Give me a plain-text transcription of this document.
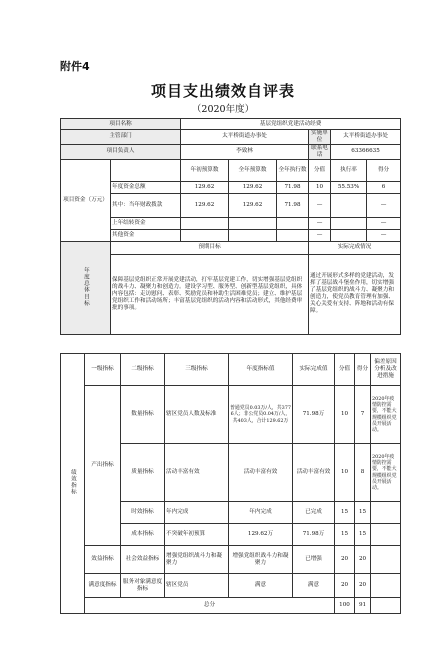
附件4
项目支出绩效自评表
（2020年度）
项目名称		基层党组织党建活动经费					
主管部门		太平桥街道办事处			实施单位	太平桥街道办事处	
项目负责人		李致林			联系电话	63366635	
项目资金（万元）		年初预算数	全年预算数	全年执行数	分值	执行率	得分
	年度资金总额	129.62	129.62	71.98	10	55.53%	6
	其中：当年财政拨款	129.62	129.62	71.98	—		—
	上年结转资金				—		—
	其他资金				—		—
年度总体目标	预期目标				实际完成情况		
	保障基层党组织正常开展党建活动，打牢基层党建工作，切实增强基层党组织的战斗力、凝聚力和创造力。建设学习型、服务型、创新型基层党组织，具体内容包括：走访慰问、表彰、奖励党员和补助生活困难党员；建立、维护基层党组织工作和活动场所；丰富基层党组织的活动内容和活动形式，其他经费审批的事项。				通过开展形式多样的党建活动，发挥了基层战斗堡垒作用，切实增强了基层党组织的战斗力、凝聚力和创造力，使党员教育管理有加强、关心关爱有支持、阵地和活动有保障。		
绩效指标	一级指标	二级指标	三级指标	年度指标值	实际完成值	分值	得分	偏差原因分析及改进措施
	产出指标	数量指标	辖区党员人数及标准	普通党员0.03万/人，共3776人；非公党员0.04万/人，共403人，合计129.62万	71.98万	10	7	2020年疫情防控需要，不能大规模组织党员开展活动。
		质量指标	活动丰富有效	活动丰富有效	活动丰富有效	10	8	2020年疫情防控需要，不能大规模组织党员开展活动。
		时效指标	年内完成	年内完成	已完成	15	15	
		成本指标	不突破年初预算	129.62万	71.98万	15	15	
	效益指标	社会效益指标	增强党组织战斗力和凝聚力	增强党组织战斗力和凝聚力	已增强	20	20	
	满意度指标	服务对象满意度指标	辖区党员	满意	满意	20	20	
	总分					100	91	
